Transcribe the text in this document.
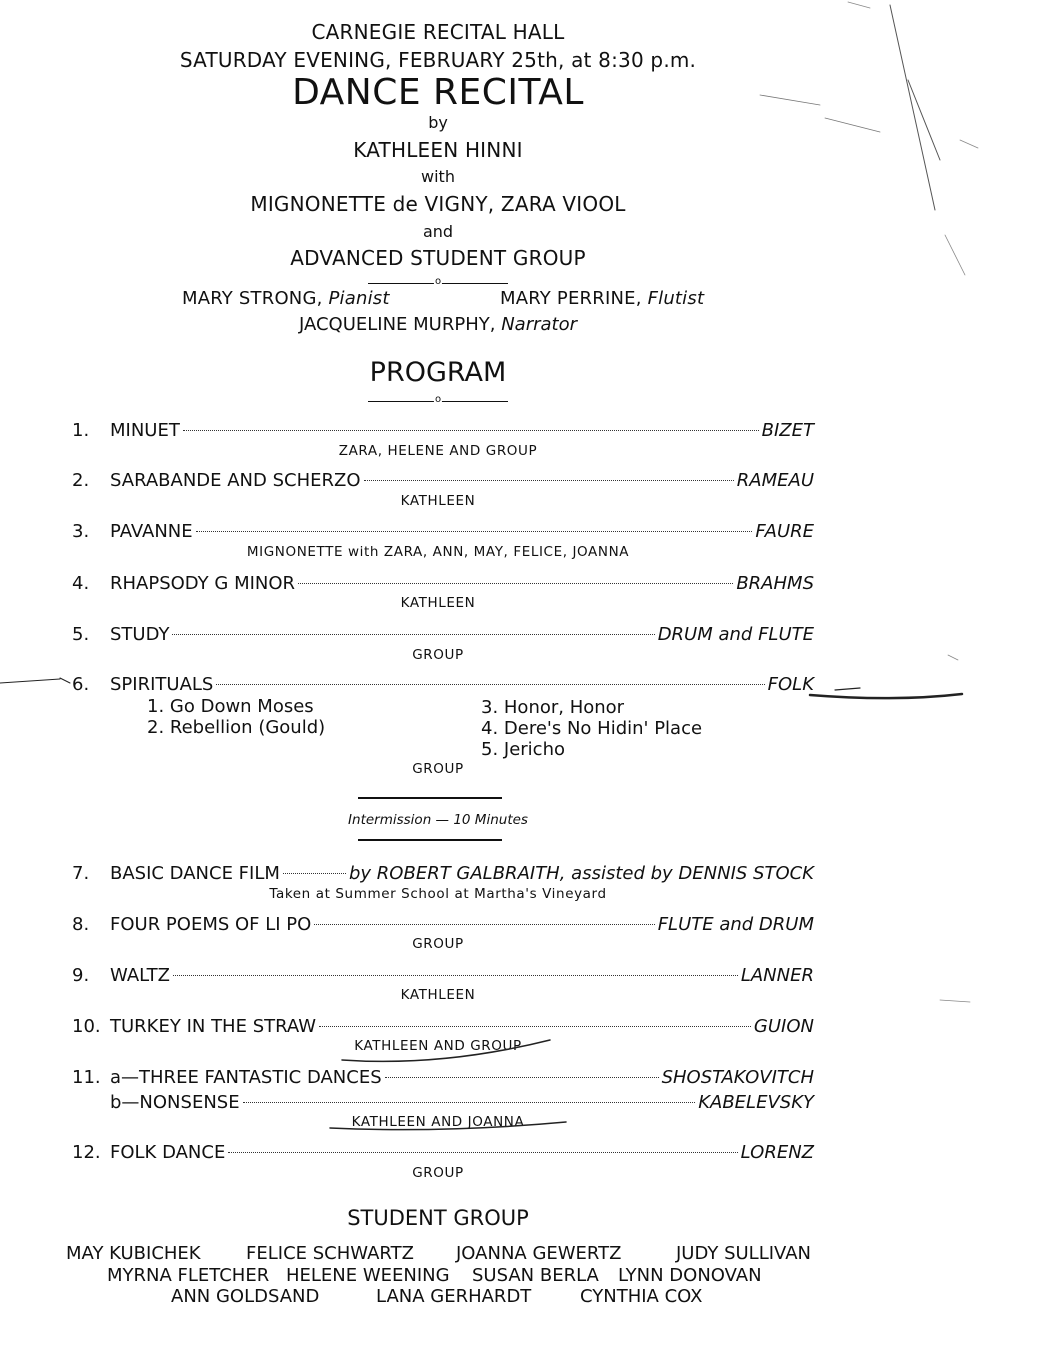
CARNEGIE RECITAL HALL
SATURDAY EVENING, FEBRUARY 25th, at 8:30 p.m.
DANCE RECITAL
by
KATHLEEN HINNI
with
MIGNONETTE de VIGNY, ZARA VIOOL
and
ADVANCED STUDENT GROUP
o
MARY STRONG, Pianist	MARY PERRINE, Flutist
JACQUELINE MURPHY, Narrator
PROGRAM
o
1.	MINUET	BIZET
ZARA, HELENE AND GROUP
2.	SARABANDE AND SCHERZO	RAMEAU
KATHLEEN
3.	PAVANNE	FAURE
MIGNONETTE with ZARA, ANN, MAY, FELICE, JOANNA
4.	RHAPSODY G MINOR	BRAHMS
KATHLEEN
5.	STUDY	DRUM and FLUTE
GROUP
6.	SPIRITUALS	FOLK
1. Go Down Moses
2. Rebellion (Gould)
3. Honor, Honor
4. Dere's No Hidin' Place
5. Jericho
GROUP
Intermission — 10 Minutes
7.	BASIC DANCE FILM	by ROBERT GALBRAITH, assisted by DENNIS STOCK
Taken at Summer School at Martha's Vineyard
8.	FOUR POEMS OF LI PO	FLUTE and DRUM
GROUP
9.	WALTZ	LANNER
KATHLEEN
10. TURKEY IN THE STRAW	GUION
KATHLEEN AND GROUP
11. a—THREE FANTASTIC DANCES	SHOSTAKOVITCH
b—NONSENSE	KABELEVSKY
KATHLEEN AND JOANNA
12. FOLK DANCE	LORENZ
GROUP
STUDENT GROUP
MAY KUBICHEK	FELICE SCHWARTZ JOANNA GEWERTZ	JUDY SULLIVAN
MYRNA FLETCHER HELENE WEENING SUSAN BERLA LYNN DONOVAN
ANN GOLDSAND	LANA GERHARDT	CYNTHIA COX
